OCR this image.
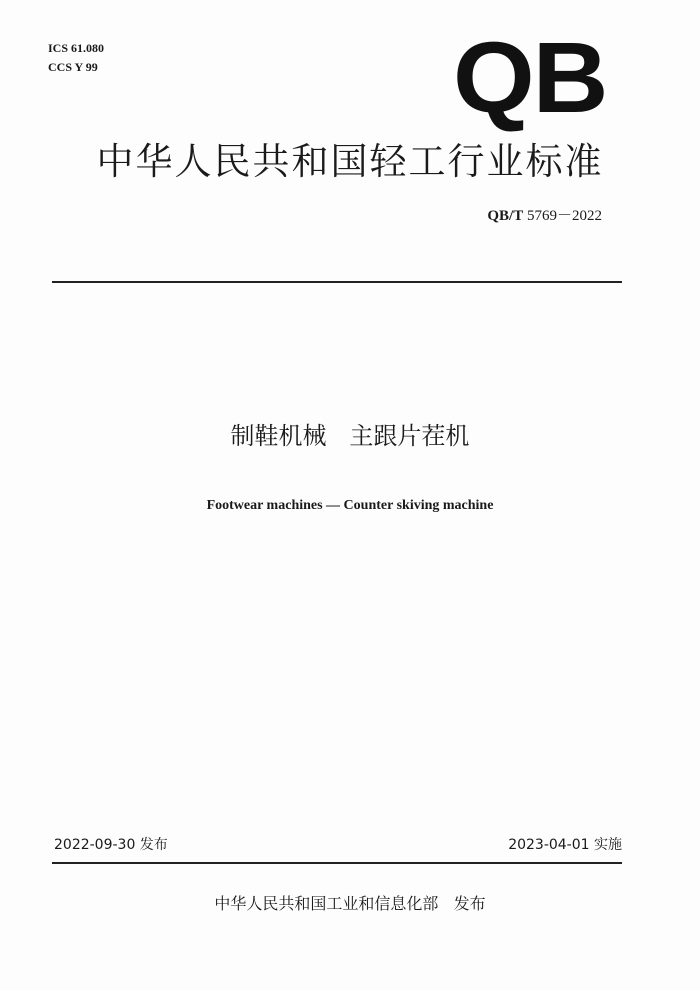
ICS 61.080
CCS Y 99	QB
中华人民共和国轻工行业标准
QB/T 5769－2022
制鞋机械   主跟片茬机
Footwear machines — Counter skiving machine
2022-09-30 发布	2023-04-01 实施
中华人民共和国工业和信息化部   发布
